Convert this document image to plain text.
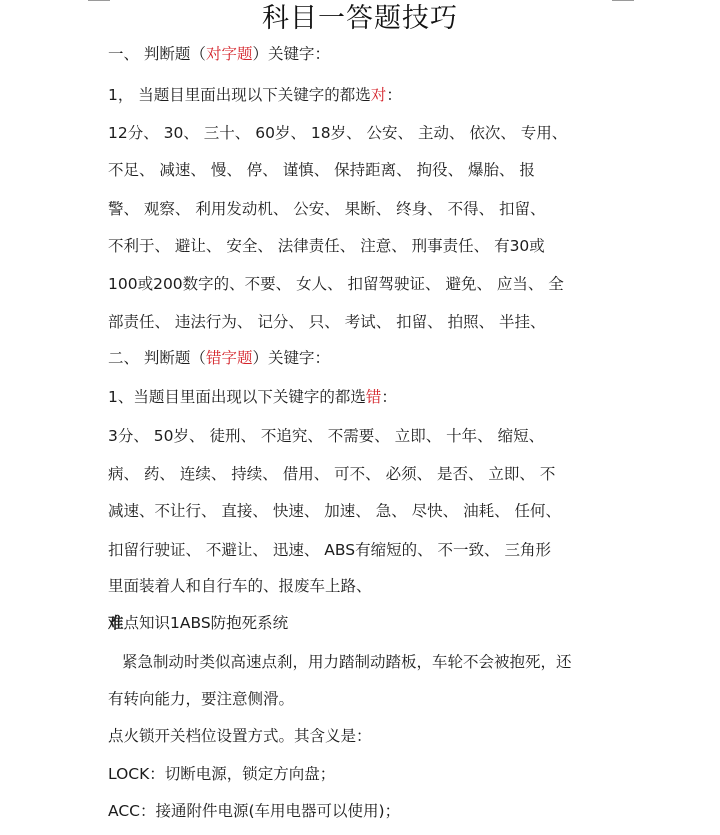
科目一答题技巧
一、 判断题（对字题）关键字：
1， 当题目里面出现以下关键字的都选对：
12分、 30、 三十、 60岁、 18岁、 公安、 主动、 依次、 专用、
不足、 减速、 慢、 停、 谨慎、 保持距离、 拘役、 爆胎、 报
警、 观察、 利用发动机、 公安、 果断、 终身、 不得、 扣留、
不利于、 避让、 安全、 法律责任、 注意、 刑事责任、 有30或
100或200数字的、不要、 女人、 扣留驾驶证、 避免、 应当、 全
部责任、 违法行为、 记分、 只、 考试、 扣留、 拍照、 半挂、
二、 判断题（错字题）关键字：
1、当题目里面出现以下关键字的都选错：
3分、 50岁、 徒刑、 不追究、 不需要、 立即、 十年、 缩短、
病、 药、 连续、 持续、 借用、 可不、 必须、 是否、 立即、 不
减速、不让行、 直接、 快速、 加速、 急、 尽快、 油耗、 任何、
扣留行驶证、 不避让、 迅速、 ABS有缩短的、 不一致、 三角形
里面装着人和自行车的、报废车上路、
难点知识1ABS防抱死系统
紧急制动时类似高速点刹，用力踏制动踏板，车轮不会被抱死，还
有转向能力，要注意侧滑。
点火锁开关档位设置方式。其含义是：
LOCK：切断电源，锁定方向盘；
ACC：接通附件电源(车用电器可以使用)；
